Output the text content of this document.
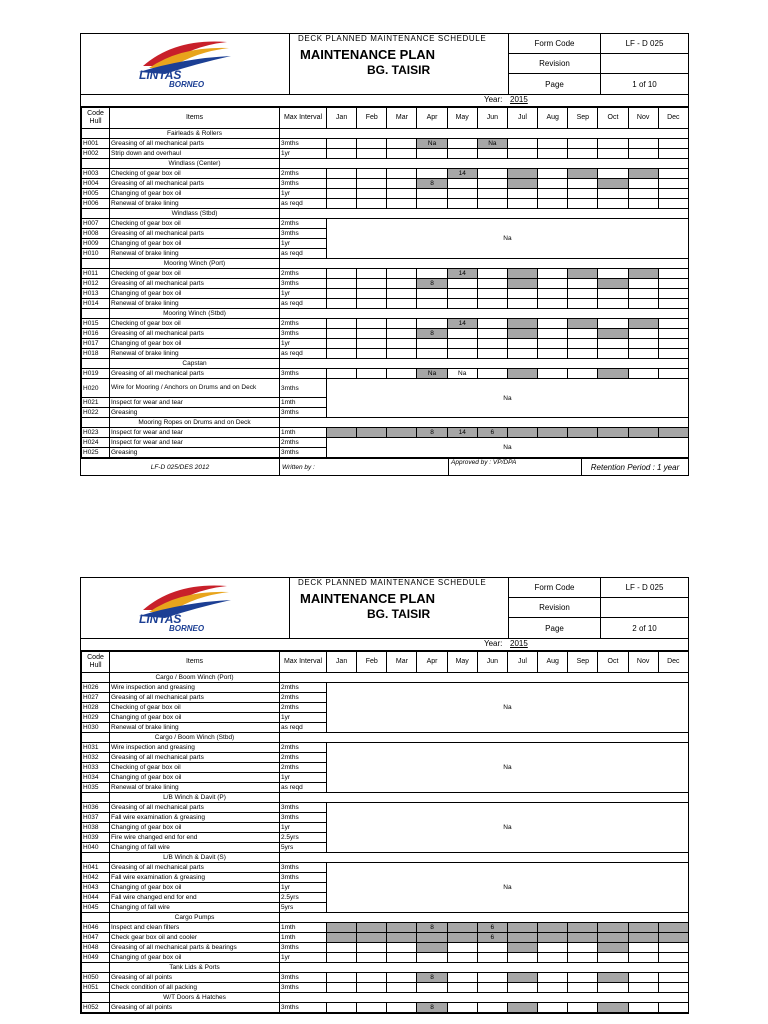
LINTAS
BORNEO
DECK PLANNED MAINTENANCE SCHEDULE
MAINTENANCE PLAN
BG. TAISIR
Form Code	LF - D 025
Revision
Page	1 of 10
Year: 2015
Code Hull	Items	Max Interval	Jan	Feb	Mar	Apr	May	Jun	Jul	Aug	Sep	Oct	Nov	Dec
	Fairleads & Rollers													
H001	Greasing of all mechanical parts	3mths				Na		Na						
H002	Strip down and overhaul	1yr												
	Windlass (Center)													
H003	Checking of gear box oil	2mths					14							
H004	Greasing of all mechanical parts	3mths				8								
H005	Changing of gear box oil	1yr												
H006	Renewal of brake lining	as reqd												
	Windlass (Stbd)													
H007	Checking of gear box oil	2mths	Na											
H008	Greasing of all mechanical parts	3mths												
H009	Changing of gear box oil	1yr												
H010	Renewal of brake lining	as reqd												
	Mooring Winch (Port)													
H011	Checking of gear box oil	2mths					14							
H012	Greasing of all mechanical parts	3mths				8								
H013	Changing of gear box oil	1yr												
H014	Renewal of brake lining	as reqd												
	Mooring Winch (Stbd)													
H015	Checking of gear box oil	2mths					14							
H016	Greasing of all mechanical parts	3mths				8								
H017	Changing of gear box oil	1yr												
H018	Renewal of brake lining	as reqd												
	Capstan													
H019	Greasing of all mechanical parts	3mths				Na	Na							
H020	Wire for Mooring / Anchors on Drums and on Deck	3mths	Na											
H021	Inspect for wear and tear	1mth												
H022	Greasing	3mths												
	Mooring Ropes on Drums and on Deck													
H023	Inspect for wear and tear	1mth				8	14	6						
H024	Inspect for wear and tear	2mths	Na											
H025	Greasing	3mths												
LF-D 025/DES 2012	Written by :
Approved by : VP/DPA	Retention Period : 1 year
LINTAS
BORNEO
DECK PLANNED MAINTENANCE SCHEDULE
MAINTENANCE PLAN
BG. TAISIR
Form Code	LF - D 025
Revision
Page	2 of 10
Year: 2015
Code Hull	Items	Max Interval	Jan	Feb	Mar	Apr	May	Jun	Jul	Aug	Sep	Oct	Nov	Dec
	Cargo / Boom Winch (Port)													
H026	Wire inspection and greasing	2mths	Na											
H027	Greasing of all mechanical parts	2mths												
H028	Checking of gear box oil	2mths												
H029	Changing of gear box oil	1yr												
H030	Renewal of brake lining	as reqd												
	Cargo / Boom Winch (Stbd)													
H031	Wire inspection and greasing	2mths	Na											
H032	Greasing of all mechanical parts	2mths												
H033	Checking of gear box oil	2mths												
H034	Changing of gear box oil	1yr												
H035	Renewal of brake lining	as reqd												
	L/B Winch & Davit (P)													
H036	Greasing of all mechanical parts	3mths	Na											
H037	Fall wire examination & greasing	3mths												
H038	Changing of gear box oil	1yr												
H039	Fire wire changed end for end	2.5yrs												
H040	Changing of fall wire	5yrs												
	L/B Winch & Davit (S)													
H041	Greasing of all mechanical parts	3mths	Na											
H042	Fall wire examination & greasing	3mths												
H043	Changing of gear box oil	1yr												
H044	Fall wire changed end for end	2.5yrs												
H045	Changing of fall wire	5yrs												
	Cargo Pumps													
H046	Inspect and clean filters	1mth				8		6						
H047	Check gear box oil and cooler	1mth						6						
H048	Greasing of all mechanical parts & bearings	3mths												
H049	Changing of gear box oil	1yr												
	Tank Lids & Ports													
H050	Greasing of all points	3mths				8								
H051	Check condition of all packing	3mths												
	W/T Doors & Hatches													
H052	Greasing of all points	3mths				8								
